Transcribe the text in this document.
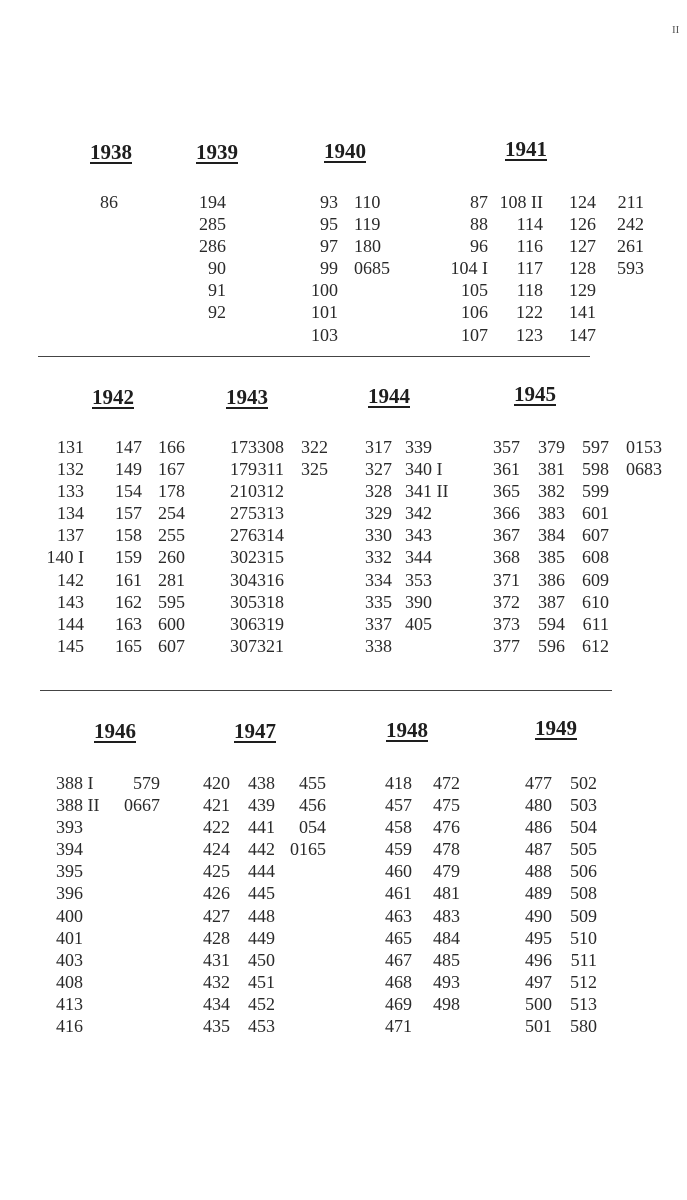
II
1938
86
1939
194
285
286
90
91
92
1940
93
95
97
99
100
101
103
110
119
180
0685
1941
87
88
96
104 I
105
106
107
108 II
114
116
117
118
122
123
124
126
127
128
129
141
147
211
242
261
593
1942
131
132
133
134
137
140 I
142
143
144
145
147
149
154
157
158
159
161
162
163
165
166
167
178
254
255
260
281
595
600
607
1943
173
179
210
275
276
302
304
305
306
307
308
311
312
313
314
315
316
318
319
321
322
325
1944
317
327
328
329
330
332
334
335
337
338
339
340 I
341 II
342
343
344
353
390
405
1945
357
361
365
366
367
368
371
372
373
377
379
381
382
383
384
385
386
387
594
596
597
598
599
601
607
608
609
610
611
612
0153
0683
1946
388 I
388 II
393
394
395
396
400
401
403
408
413
416
579
0667
1947
420
421
422
424
425
426
427
428
431
432
434
435
438
439
441
442
444
445
448
449
450
451
452
453
455
456
054
0165
1948
418
457
458
459
460
461
463
465
467
468
469
471
472
475
476
478
479
481
483
484
485
493
498
1949
477
480
486
487
488
489
490
495
496
497
500
501
502
503
504
505
506
508
509
510
511
512
513
580
